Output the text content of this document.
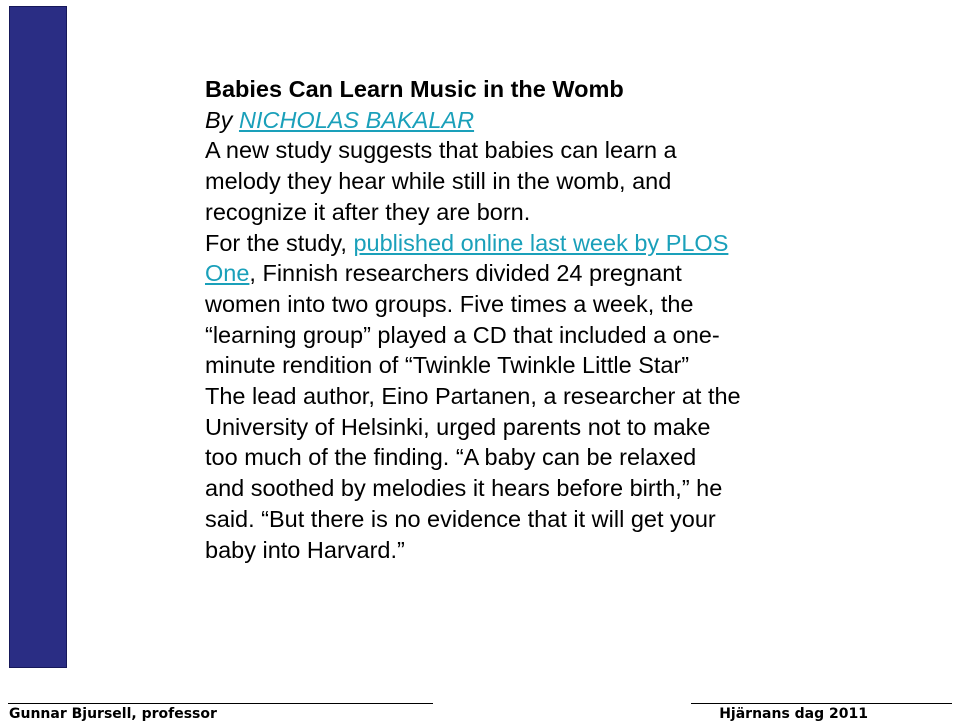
Babies Can Learn Music in the Womb
By NICHOLAS BAKALAR
A new study suggests that babies can learn a
melody they hear while still in the womb, and
recognize it after they are born.
For the study, published online last week by PLOS
One, Finnish researchers divided 24 pregnant
women into two groups. Five times a week, the
“learning group” played a CD that included a one-
minute rendition of “Twinkle Twinkle Little Star”
The lead author, Eino Partanen, a researcher at the
University of Helsinki, urged parents not to make
too much of the finding. “A baby can be relaxed
and soothed by melodies it hears before birth,” he
said. “But there is no evidence that it will get your
baby into Harvard.”
Gunnar Bjursell, professor	Hjärnans dag 2011
